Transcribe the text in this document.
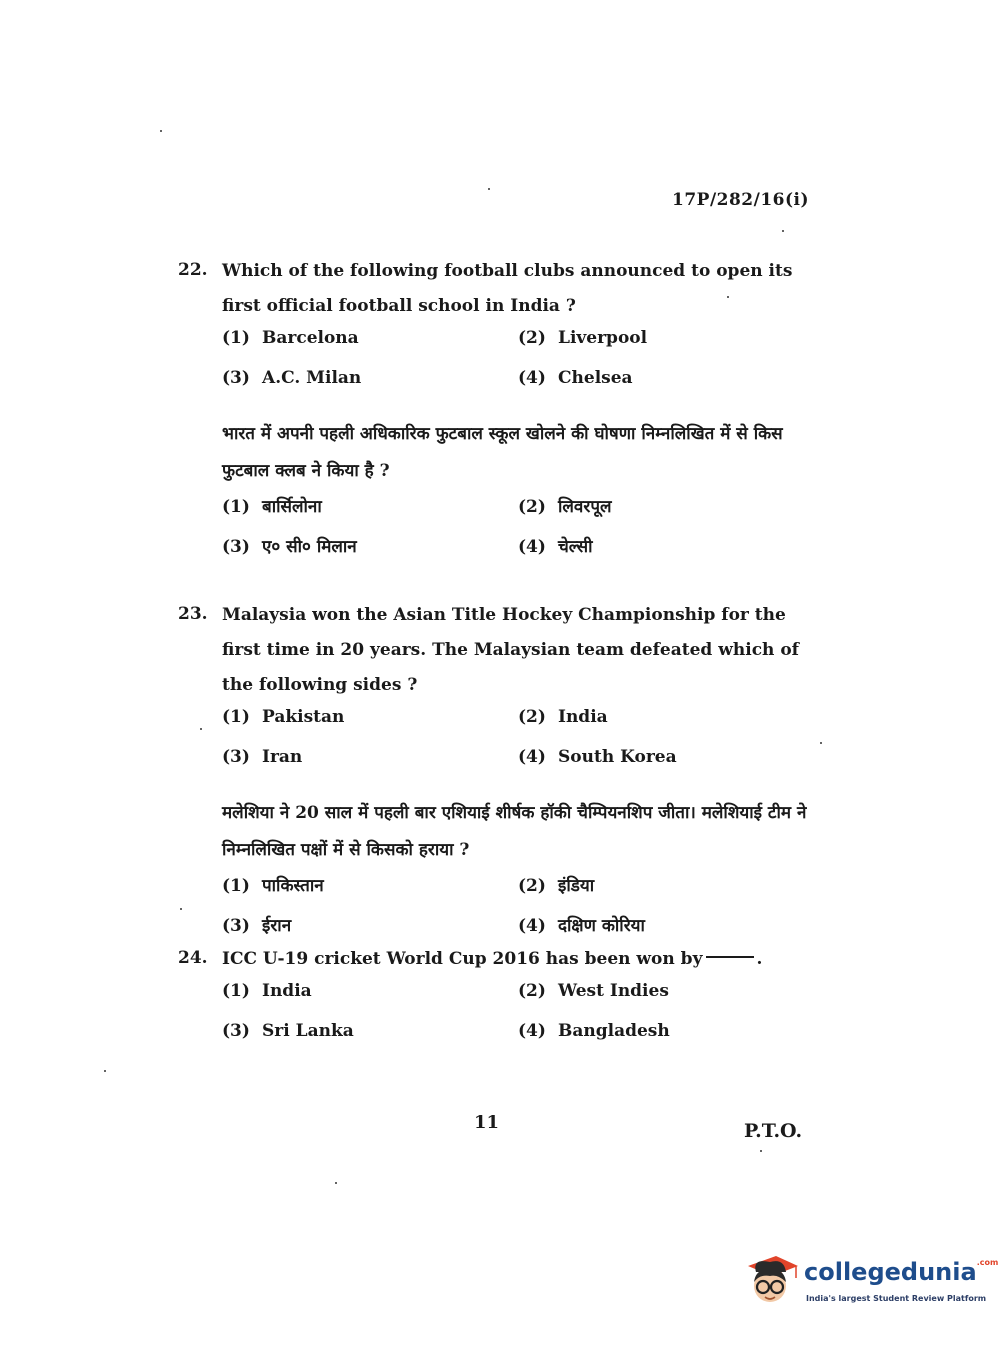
17P/282/16(i)
22. Which of the following football clubs announced to open its first official football school in India ?
(1) Barcelona	(2) Liverpool
(3) A.C. Milan	(4) Chelsea
भारत में अपनी पहली अधिकारिक फुटबाल स्कूल खोलने की घोषणा निम्नलिखित में से किस फुटबाल क्लब ने किया है ?
(1) बार्सिलोना	(2) लिवरपूल
(3) ए० सी० मिलान	(4) चेल्सी
23. Malaysia won the Asian Title Hockey Championship for the first time in 20 years. The Malaysian team defeated which of the following sides ?
(1) Pakistan	(2) India
(3) Iran	(4) South Korea
मलेशिया ने 20 साल में पहली बार एशियाई शीर्षक हॉकी चैम्पियनशिप जीता। मलेशियाई टीम ने निम्नलिखित पक्षों में से किसको हराया ?
(1) पाकिस्तान	(2) इंडिया
(3) ईरान	(4) दक्षिण कोरिया
24. ICC U-19 cricket World Cup 2016 has been won by	.
(1) India	(2) West Indies
(3) Sri Lanka	(4) Bangladesh
11	P.T.O.
collegedunia$^{.com}$
India's largest Student Review Platform
